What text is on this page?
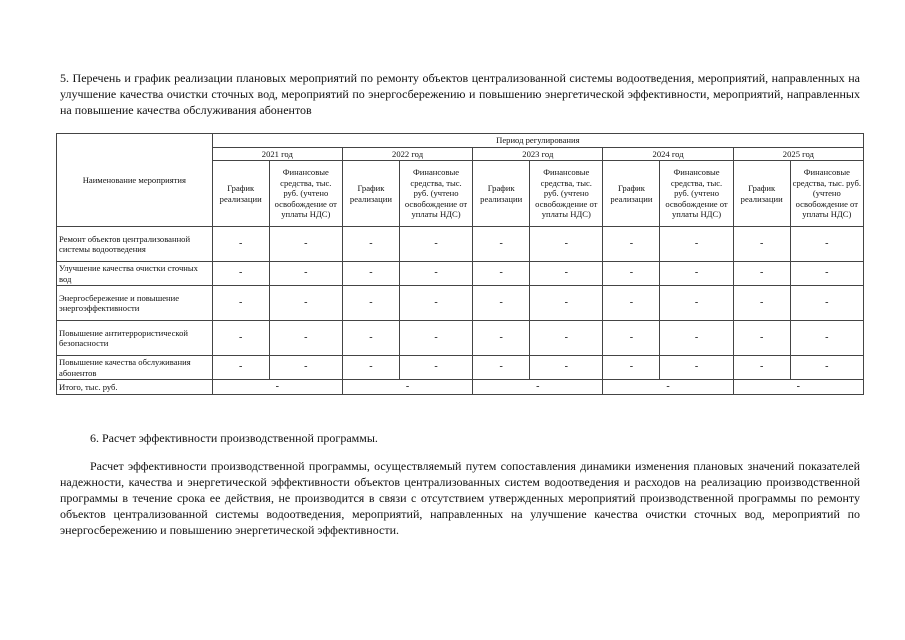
5. Перечень и график реализации плановых мероприятий по ремонту объектов централизованной системы водоотведения, мероприятий, направленных на улучшение качества очистки сточных вод, мероприятий по энергосбережению и повышению энергетической эффективности, мероприятий, направленных на повышение качества обслуживания абонентов

Наименование мероприятия	Период регулирования									
	2021 год		2022 год		2023 год		2024 год		2025 год	
	График реализации	Финансовые средства, тыс. руб. (учтено освобождение от уплаты НДС)	График реализации	Финансовые средства, тыс. руб. (учтено освобождение от уплаты НДС)	График реализации	Финансовые средства, тыс. руб. (учтено освобождение от уплаты НДС)	График реализации	Финансовые средства, тыс. руб. (учтено освобождение от уплаты НДС)	График реализации	Финансовые средства, тыс. руб. (учтено освобождение от уплаты НДС)
Ремонт объектов централизованной системы водоотведения	-	-	-	-	-	-	-	-	-	-
Улучшение качества очистки сточных вод	-	-	-	-	-	-	-	-	-	-
Энергосбережение и повышение энергоэффективности	-	-	-	-	-	-	-	-	-	-
Повышение антитеррористической безопасности	-	-	-	-	-	-	-	-	-	-
Повышение качества обслуживания абонентов	-	-	-	-	-	-	-	-	-	-
Итого, тыс. руб.	-		-		-		-		-	

6. Расчет эффективности производственной программы.

Расчет эффективности производственной программы, осуществляемый путем сопоставления динамики изменения плановых значений показателей надежности, качества и энергетической эффективности объектов централизованных систем водоотведения и расходов на реализацию производственной программы в течение срока ее действия, не производится в связи с отсутствием утвержденных мероприятий производственной программы по ремонту объектов централизованной системы водоотведения, мероприятий, направленных на улучшение качества очистки сточных вод, мероприятий по энергосбережению и повышению энергетической эффективности.
